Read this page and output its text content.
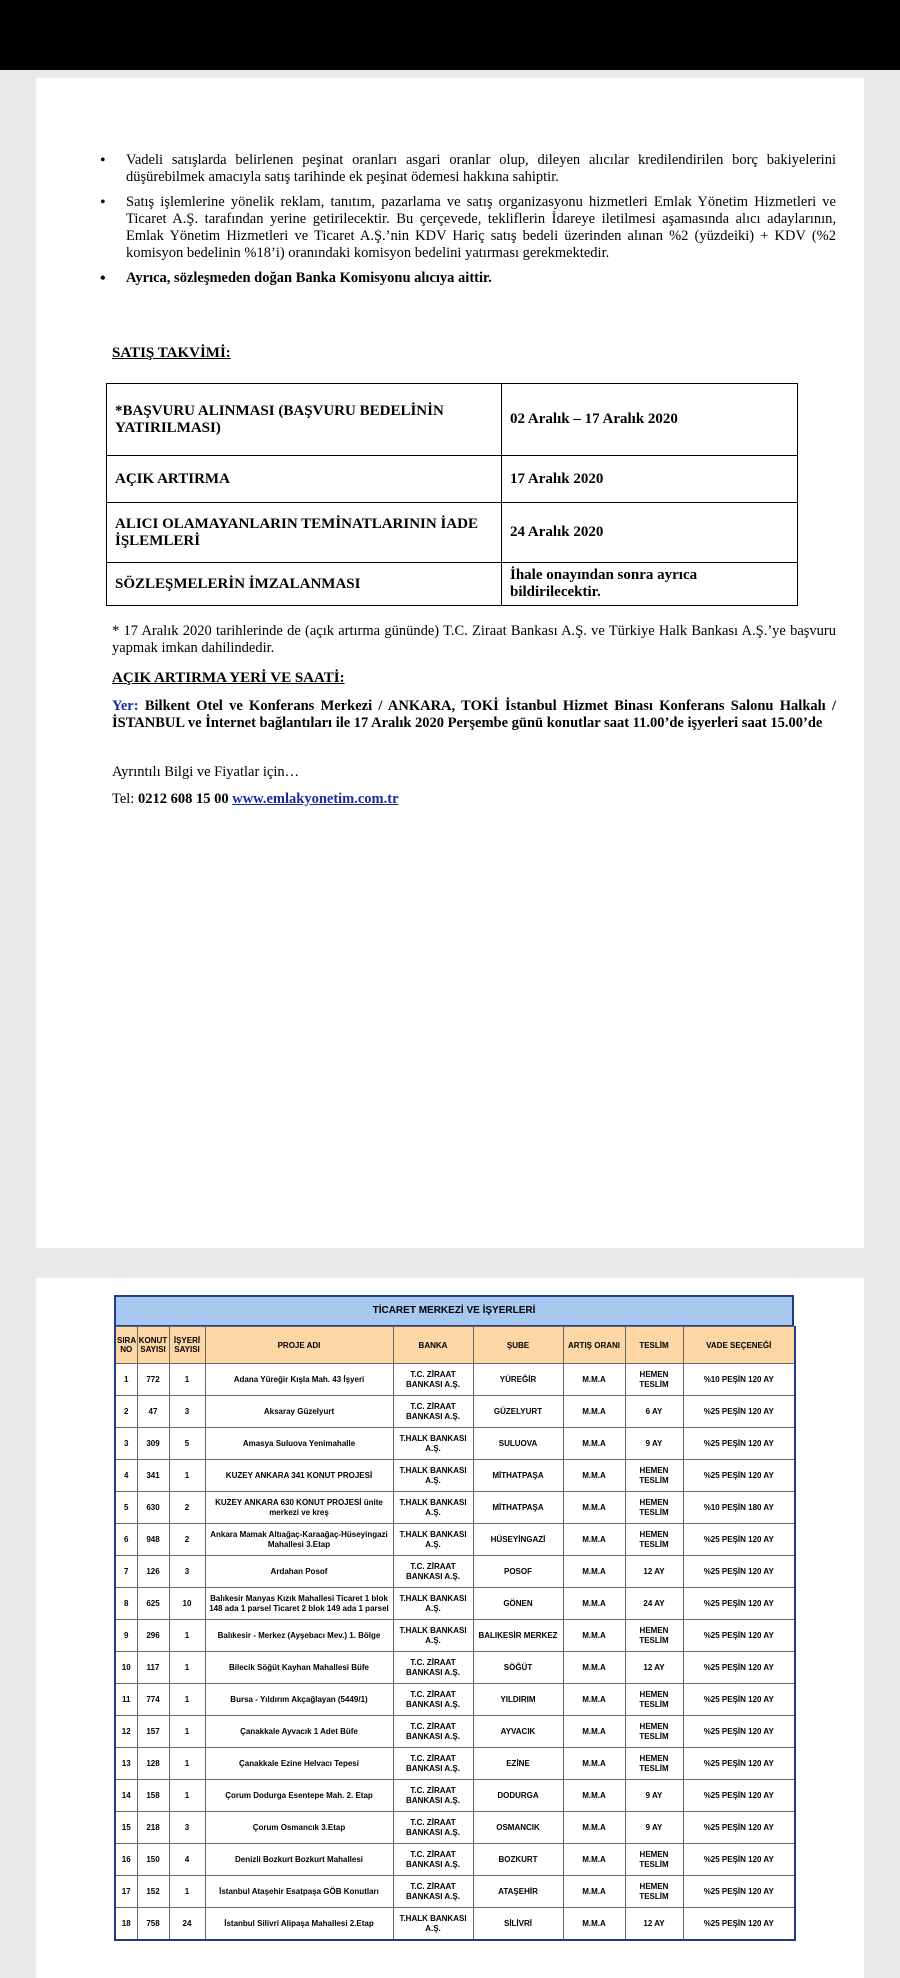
• Vadeli satışlarda belirlenen peşinat oranları asgari oranlar olup, dileyen alıcılar kredilendirilen borç bakiyelerini düşürebilmek amacıyla satış tarihinde ek peşinat ödemesi hakkına sahiptir.
• Satış işlemlerine yönelik reklam, tanıtım, pazarlama ve satış organizasyonu hizmetleri Emlak Yönetim Hizmetleri ve Ticaret A.Ş. tarafından yerine getirilecektir. Bu çerçevede, tekliflerin İdareye iletilmesi aşamasında alıcı adaylarının, Emlak Yönetim Hizmetleri ve Ticaret A.Ş.’nin KDV Hariç satış bedeli üzerinden alınan %2 (yüzdeiki) + KDV (%2 komisyon bedelinin %18’i) oranındaki komisyon bedelini yatırması gerekmektedir.
• Ayrıca, sözleşmeden doğan Banka Komisyonu alıcıya aittir.
SATIŞ TAKVİMİ:
*BAŞVURU ALINMASI (BAŞVURU BEDELİNİN YATIRILMASI)	02 Aralık – 17 Aralık 2020
AÇIK ARTIRMA	17 Aralık 2020
ALICI OLAMAYANLARIN TEMİNATLARININ İADE İŞLEMLERİ	24 Aralık 2020
SÖZLEŞMELERİN İMZALANMASI	İhale onayından sonra ayrıca bildirilecektir.
* 17 Aralık 2020 tarihlerinde de (açık artırma gününde) T.C. Ziraat Bankası A.Ş. ve Türkiye Halk Bankası A.Ş.’ye başvuru yapmak imkan dahilindedir.
AÇIK ARTIRMA YERİ VE SAATİ:
Yer: Bilkent Otel ve Konferans Merkezi / ANKARA, TOKİ İstanbul Hizmet Binası Konferans Salonu Halkalı / İSTANBUL ve İnternet bağlantıları ile 17 Aralık 2020 Perşembe günü konutlar saat 11.00’de işyerleri saat 15.00’de
Ayrıntılı Bilgi ve Fiyatlar için…
Tel: 0212 608 15 00 www.emlakyonetim.com.tr
TİCARET MERKEZİ VE İŞYERLERİ
SIRA NO	KONUT SAYISI	İŞYERİ SAYISI	PROJE ADI	BANKA	ŞUBE	ARTIŞ ORANI	TESLİM	VADE SEÇENEĞİ
1	772	1	Adana Yüreğir Kışla Mah. 43 İşyeri	T.C. ZİRAAT BANKASI A.Ş.	YÜREĞİR	M.M.A	HEMEN TESLİM	%10 PEŞİN 120 AY
2	47	3	Aksaray Güzelyurt	T.C. ZİRAAT BANKASI A.Ş.	GÜZELYURT	M.M.A	6 AY	%25 PEŞİN 120 AY
3	309	5	Amasya Suluova Yenimahalle	T.HALK BANKASI A.Ş.	SULUOVA	M.M.A	9 AY	%25 PEŞİN 120 AY
4	341	1	KUZEY ANKARA 341 KONUT PROJESİ	T.HALK BANKASI A.Ş.	MİTHATPAŞA	M.M.A	HEMEN TESLİM	%25 PEŞİN 120 AY
5	630	2	KUZEY ANKARA 630 KONUT PROJESİ ünite merkezi ve kreş	T.HALK BANKASI A.Ş.	MİTHATPAŞA	M.M.A	HEMEN TESLİM	%10 PEŞİN 180 AY
6	948	2	Ankara Mamak Altıağaç-Karaağaç-Hüseyingazi Mahallesi 3.Etap	T.HALK BANKASI A.Ş.	HÜSEYİNGAZİ	M.M.A	HEMEN TESLİM	%25 PEŞİN 120 AY
7	126	3	Ardahan Posof	T.C. ZİRAAT BANKASI A.Ş.	POSOF	M.M.A	12 AY	%25 PEŞİN 120 AY
8	625	10	Balıkesir Manyas Kızık Mahallesi Ticaret 1 blok 148 ada 1 parsel Ticaret 2 blok 149 ada 1 parsel	T.HALK BANKASI A.Ş.	GÖNEN	M.M.A	24 AY	%25 PEŞİN 120 AY
9	296	1	Balıkesir - Merkez (Ayşebacı Mev.) 1. Bölge	T.HALK BANKASI A.Ş.	BALIKESİR MERKEZ	M.M.A	HEMEN TESLİM	%25 PEŞİN 120 AY
10	117	1	Bilecik Söğüt Kayhan Mahallesi Büfe	T.C. ZİRAAT BANKASI A.Ş.	SÖĞÜT	M.M.A	12 AY	%25 PEŞİN 120 AY
11	774	1	Bursa - Yıldırım Akçağlayan (5449/1)	T.C. ZİRAAT BANKASI A.Ş.	YILDIRIM	M.M.A	HEMEN TESLİM	%25 PEŞİN 120 AY
12	157	1	Çanakkale Ayvacık 1 Adet Büfe	T.C. ZİRAAT BANKASI A.Ş.	AYVACIK	M.M.A	HEMEN TESLİM	%25 PEŞİN 120 AY
13	128	1	Çanakkale Ezine Helvacı Tepesi	T.C. ZİRAAT BANKASI A.Ş.	EZİNE	M.M.A	HEMEN TESLİM	%25 PEŞİN 120 AY
14	158	1	Çorum Dodurga Esentepe Mah. 2. Etap	T.C. ZİRAAT BANKASI A.Ş.	DODURGA	M.M.A	9 AY	%25 PEŞİN 120 AY
15	218	3	Çorum Osmancık 3.Etap	T.C. ZİRAAT BANKASI A.Ş.	OSMANCIK	M.M.A	9 AY	%25 PEŞİN 120 AY
16	150	4	Denizli Bozkurt Bozkurt Mahallesi	T.C. ZİRAAT BANKASI A.Ş.	BOZKURT	M.M.A	HEMEN TESLİM	%25 PEŞİN 120 AY
17	152	1	İstanbul Ataşehir Esatpaşa GÖB Konutları	T.C. ZİRAAT BANKASI A.Ş.	ATAŞEHİR	M.M.A	HEMEN TESLİM	%25 PEŞİN 120 AY
18	758	24	İstanbul Silivri Alipaşa Mahallesi 2.Etap	T.HALK BANKASI A.Ş.	SİLİVRİ	M.M.A	12 AY	%25 PEŞİN 120 AY
